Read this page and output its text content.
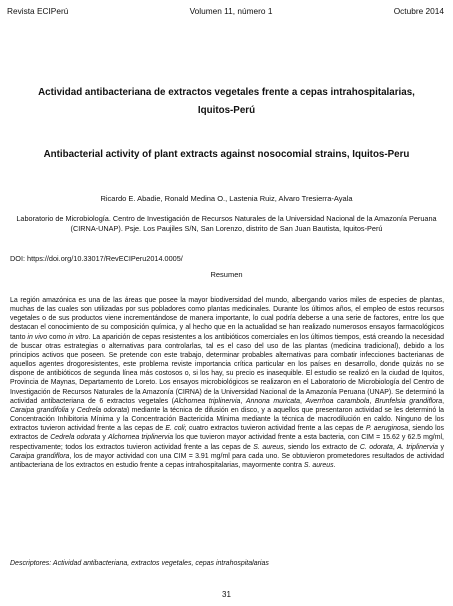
Revista ECIPerú	Volumen 11, número 1	Octubre 2014
Actividad antibacteriana de extractos vegetales frente a cepas intrahospitalarias, Iquitos-Perú
Antibacterial activity of plant extracts against nosocomial strains, Iquitos-Peru
Ricardo E. Abadie, Ronald Medina O., Lastenia Ruiz, Alvaro Tresierra-Ayala
Laboratorio de Microbiología. Centro de Investigación de Recursos Naturales de la Universidad Nacional de la Amazonía Peruana (CIRNA-UNAP). Psje. Los Paujiles S/N, San Lorenzo, distrito de San Juan Bautista, Iquitos-Perú
DOI: https://doi.org/10.33017/RevECIPeru2014.0005/
Resumen
La región amazónica es una de las áreas que posee la mayor biodiversidad del mundo, albergando varios miles de especies de plantas, muchas de las cuales son utilizadas por sus pobladores como plantas medicinales. Durante los últimos años, el empleo de estos recursos vegetales o de sus productos viene incrementándose de manera importante, lo cual podría deberse a una serie de factores, entre los que destacan el conocimiento de su composición química, y al hecho que en la actualidad se han realizado numerosos ensayos farmacológicos tanto in vivo como in vitro. La aparición de cepas resistentes a los antibióticos comerciales en los últimos tiempos, está creando la necesidad de buscar otras estrategias o alternativas para controlarlas, tal es el caso del uso de las plantas (medicina tradicional), debido a los principios activos que poseen. Se pretende con este trabajo, determinar probables alternativas para combatir infecciones bacterianas de aquellos agentes drogoresistentes, este problema reviste importancia crítica particular en los países en desarrollo, donde quizás no se dispone de antibióticos de segunda línea más costosos o, si los hay, su precio es inasequible. El estudio se realizó en la ciudad de Iquitos, Provincia de Maynas, Departamento de Loreto. Los ensayos microbiológicos se realizaron en el Laboratorio de Microbiología del Centro de Investigación de Recursos Naturales de la Amazonía (CIRNA) de la Universidad Nacional de la Amazonía Peruana (UNAP). Se determinó la actividad antibacteriana de 6 extractos vegetales (Alchornea triplinervia, Annona muricata, Averrhoa carambola, Brunfelsia grandiflora, Caraipa grandifolia y Cedrela odorata) mediante la técnica de difusión en disco, y a aquellos que presentaron actividad se les determinó la Concentración Inhibitoria Mínima y la Concentración Bactericida Mínima mediante la técnica de macrodilución en caldo. Ninguno de los extractos tuvieron actividad frente a las cepas de E. coli; cuatro extractos tuvieron actividad frente a las cepas de P. aeruginosa, siendo los extractos de Cedrela odorata y Alchornea triplinervia los que tuvieron mayor actividad frente a esta bacteria, con CIM = 15.62 y 62.5 mg/ml, respectivamente; todos los extractos tuvieron actividad frente a las cepas de S. aureus, siendo los extracto de C. odorata, A. triplinervia y Caraipa grandiflora, los de mayor actividad con una CIM = 3.91 mg/ml para cada uno. Se obtuvieron prometedores resultados de actividad antibacteriana de los extractos en estudio frente a cepas intrahospitalarias, mayormente contra S. aureus.
Descriptores: Actividad antibacteriana, extractos vegetales, cepas intrahospitalarias
31
